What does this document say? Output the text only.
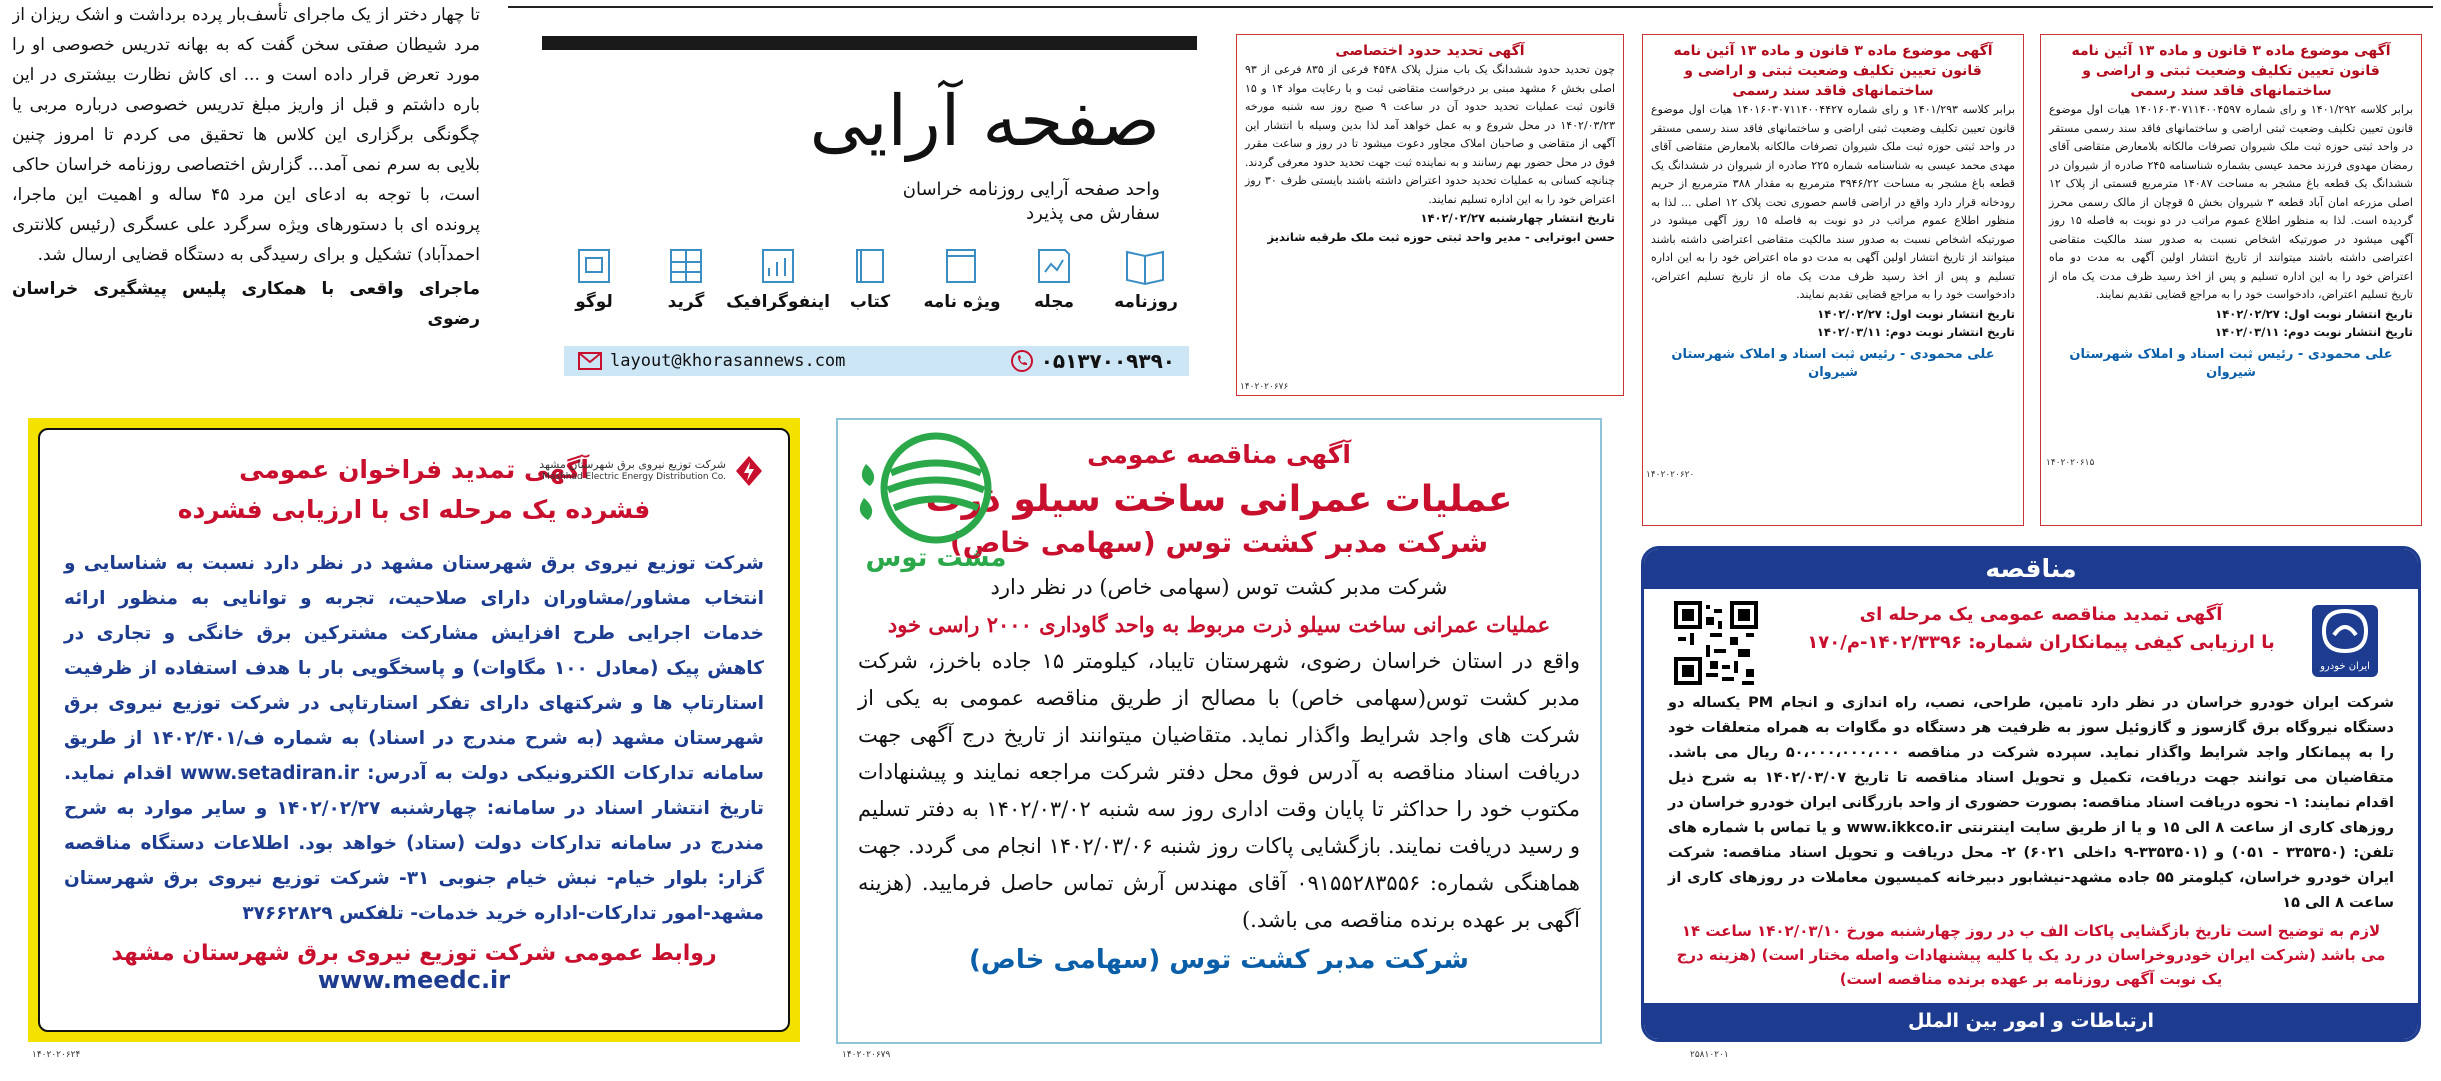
تا چهار دختر از یک ماجرای تأسف‌بار پرده برداشت و اشک ریزان از مرد شیطان صفتی سخن گفت که به بهانه تدریس خصوصی او را مورد تعرض قرار داده است و ... ای کاش نظارت بیشتری در این باره داشتم و قبل از واریز مبلغ تدریس خصوصی درباره مربی یا چگونگی برگزاری این کلاس ها تحقیق می کردم تا امروز چنین بلایی به سرم نمی آمد... گزارش اختصاصی روزنامه خراسان حاکی است، با توجه به ادعای این مرد ۴۵ ساله و اهمیت این ماجرا، پرونده ای با دستورهای ویژه سرگرد علی عسگری (رئیس کلانتری احمدآباد) تشکیل و برای رسیدگی به دستگاه قضایی ارسال شد.

ماجرای واقعی با همکاری پلیس پیشگیری خراسان رضوی

صفحه آرایی
واحد صفحه آرایی روزنامه خراسان
سفارش می پذیرد
روزنامه
مجله
ویژه نامه
کتاب
اینفوگرافیک
گرید
لوگو
layout@khorasannews.com	۰۵۱۳۷۰۰۹۳۹۰
آگهی تحدید حدود اختصاصی
چون تحدید حدود ششدانگ یک باب منزل پلاک ۴۵۴۸ فرعی از ۸۳۵ فرعی از ۹۳ اصلی بخش ۶ مشهد مبنی بر درخواست متقاضی ثبت و با رعایت مواد ۱۴ و ۱۵ قانون ثبت عملیات تحدید حدود آن در ساعت ۹ صبح روز سه شنبه مورخه ۱۴۰۲/۰۳/۲۳ در محل شروع و به عمل خواهد آمد لذا بدین وسیله با انتشار این آگهی از متقاضی و صاحبان املاک مجاور دعوت میشود تا در روز و ساعت مقرر فوق در محل حضور بهم رسانند و به نماینده ثبت جهت تحدید حدود معرفی گردند. چنانچه کسانی به عملیات تحدید حدود اعتراض داشته باشند بایستی ظرف ۳۰ روز اعتراض خود را به این اداره تسلیم نمایند.
تاریخ انتشار چهارشنبه ۱۴۰۲/۰۲/۲۷
حسن ابوترابی - مدیر واحد ثبتی حوزه ثبت ملک طرقبه شاندیز
آگهی موضوع ماده ۳ قانون و ماده ۱۳ آئین نامه قانون تعیین تکلیف وضعیت ثبتی و اراضی و ساختمانهای فاقد سند رسمی
برابر کلاسه ۱۴۰۱/۲۹۳ و رای شماره ۱۴۰۱۶۰۳۰۷۱۱۴۰۰۴۴۲۷ هیات اول موضوع قانون تعیین تکلیف وضعیت ثبتی اراضی و ساختمانهای فاقد سند رسمی مستقر در واحد ثبتی حوزه ثبت ملک شیروان تصرفات مالکانه بلامعارض متقاضی آقای مهدی محمد عیسی به شناسنامه شماره ۲۲۵ صادره از شیروان در ششدانگ یک قطعه باغ مشجر به مساحت ۳۹۴۶/۲۲ مترمربع به مقدار ۳۸۸ مترمربع از حریم رودخانه قرار دارد واقع در اراضی قاسم حصوری تحت پلاک ۱۲ اصلی ... لذا به منظور اطلاع عموم مراتب در دو نوبت به فاصله ۱۵ روز آگهی میشود در صورتیکه اشخاص نسبت به صدور سند مالکیت متقاضی اعتراضی داشته باشند میتوانند از تاریخ انتشار اولین آگهی به مدت دو ماه اعتراض خود را به این اداره تسلیم و پس از اخذ رسید ظرف مدت یک ماه از تاریخ تسلیم اعتراض، دادخواست خود را به مراجع قضایی تقدیم نمایند.
تاریخ انتشار نوبت اول: ۱۴۰۲/۰۲/۲۷
تاریخ انتشار نوبت دوم: ۱۴۰۲/۰۳/۱۱
علی محمودی - رئیس ثبت اسناد و املاک شهرستان شیروان
آگهی موضوع ماده ۳ قانون و ماده ۱۳ آئین نامه قانون تعیین تکلیف وضعیت ثبتی و اراضی و ساختمانهای فاقد سند رسمی
برابر کلاسه ۱۴۰۱/۲۹۲ و رای شماره ۱۴۰۱۶۰۳۰۷۱۱۴۰۰۴۵۹۷ هیات اول موضوع قانون تعیین تکلیف وضعیت ثبتی اراضی و ساختمانهای فاقد سند رسمی مستقر در واحد ثبتی حوزه ثبت ملک شیروان تصرفات مالکانه بلامعارض متقاضی آقای رمضان مهدوی فرزند محمد عیسی بشماره شناسنامه ۲۴۵ صادره از شیروان در ششدانگ یک قطعه باغ مشجر به مساحت ۱۴۰۸۷ مترمربع قسمتی از پلاک ۱۲ اصلی مزرعه امان آباد قطعه ۳ شیروان بخش ۵ قوچان از مالک رسمی محرز گردیده است. لذا به منظور اطلاع عموم مراتب در دو نوبت به فاصله ۱۵ روز آگهی میشود در صورتیکه اشخاص نسبت به صدور سند مالکیت متقاضی اعتراضی داشته باشند میتوانند از تاریخ انتشار اولین آگهی به مدت دو ماه اعتراض خود را به این اداره تسلیم و پس از اخذ رسید ظرف مدت یک ماه از تاریخ تسلیم اعتراض، دادخواست خود را به مراجع قضایی تقدیم نمایند.
تاریخ انتشار نوبت اول: ۱۴۰۲/۰۲/۲۷
تاریخ انتشار نوبت دوم: ۱۴۰۲/۰۳/۱۱
علی محمودی - رئیس ثبت اسناد و املاک شهرستان شیروان
شرکت توزیع نیروی برق شهرستان مشهد
Mashhad Electric Energy Distribution Co.
آگهی تمدید فراخوان عمومی
فشرده یک مرحله ای با ارزیابی فشرده
شرکت توزیع نیروی برق شهرستان مشهد در نظر دارد نسبت به شناسایی و انتخاب مشاور/مشاوران دارای صلاحیت، تجربه و توانایی به منظور ارائه خدمات اجرایی طرح افزایش مشارکت مشترکین برق خانگی و تجاری در کاهش پیک (معادل ۱۰۰ مگاوات) و پاسخگویی بار با هدف استفاده از ظرفیت استارتاپ ها و شرکتهای دارای تفکر استارتاپی در شرکت توزیع نیروی برق شهرستان مشهد (به شرح مندرج در اسناد) به شماره ف/۱۴۰۲/۴۰۱ از طریق سامانه تدارکات الکترونیکی دولت به آدرس: www.setadiran.ir اقدام نماید. تاریخ انتشار اسناد در سامانه: چهارشنبه ۱۴۰۲/۰۲/۲۷ و سایر موارد به شرح مندرج در سامانه تدارکات دولت (ستاد) خواهد بود. اطلاعات دستگاه مناقصه گزار: بلوار خیام- نبش خیام جنوبی ۳۱- شرکت توزیع نیروی برق شهرستان مشهد-امور تدارکات-اداره خرید خدمات- تلفکس ۳۷۶۶۲۸۲۹
روابط عمومی شرکت توزیع نیروی برق شهرستان مشهد
www.meedc.ir
مشت توس
آگهی مناقصه عمومی
عملیات عمرانی ساخت سیلو ذرت
شرکت مدبر کشت توس (سهامی خاص)
شرکت مدبر کشت توس (سهامی خاص) در نظر دارد
عملیات عمرانی ساخت سیلو ذرت مربوط به واحد گاوداری ۲۰۰۰ راسی خود
واقع در استان خراسان رضوی، شهرستان تایباد، کیلومتر ۱۵ جاده باخرز، شرکت مدبر کشت توس(سهامی خاص) با مصالح از طریق مناقصه عمومی به یکی از شرکت های واجد شرایط واگذار نماید. متقاضیان میتوانند از تاریخ درج آگهی جهت دریافت اسناد مناقصه به آدرس فوق محل دفتر شرکت مراجعه نمایند و پیشنهادات مکتوب خود را حداکثر تا پایان وقت اداری روز سه شنبه ۱۴۰۲/۰۳/۰۲ به دفتر تسلیم و رسید دریافت نمایند. بازگشایی پاکات روز شنبه ۱۴۰۲/۰۳/۰۶ انجام می گردد. جهت هماهنگی شماره: ۰۹۱۵۵۲۸۳۵۵۶ آقای مهندس آرش تماس حاصل فرمایید. (هزینه آگهی بر عهده برنده مناقصه می باشد.)
شرکت مدبر کشت توس (سهامی خاص)
مناقصه
ایران خودرو
آگهی تمدید مناقصه عمومی یک مرحله ای
با ارزیابی کیفی پیمانکاران شماره: ۱۴۰۲/۳۳۹۶-م/۱۷۰
شرکت ایران خودرو خراسان در نظر دارد تامین، طراحی، نصب، راه اندازی و انجام PM یکساله دو دستگاه نیروگاه برق گازسوز و گازوئیل سوز به ظرفیت هر دستگاه دو مگاوات به همراه متعلقات خود را به پیمانکار واجد شرایط واگذار نماید. سپرده شرکت در مناقصه ۵۰،۰۰۰،۰۰۰،۰۰۰ ریال می باشد. متقاضیان می توانند جهت دریافت، تکمیل و تحویل اسناد مناقصه تا تاریخ ۱۴۰۲/۰۳/۰۷ به شرح ذیل اقدام نمایند: ۱- نحوه دریافت اسناد مناقصه: بصورت حضوری از واحد بازرگانی ایران خودرو خراسان در روزهای کاری از ساعت ۸ الی ۱۵ و یا از طریق سایت اینترنتی www.ikkco.ir و یا تماس با شماره های تلفن: (۳۳۵۳۵۰ - ۰۵۱) و (۳۳۵۳۵۰۱-۹ داخلی ۶۰۲۱) ۲- محل دریافت و تحویل اسناد مناقصه: شرکت ایران خودرو خراسان، کیلومتر ۵۵ جاده مشهد-نیشابور دبیرخانه کمیسیون معاملات در روزهای کاری از ساعت ۸ الی ۱۵
لازم به توضیح است تاریخ بازگشایی پاکات الف ب در روز چهارشنبه مورخ ۱۴۰۲/۰۳/۱۰ ساعت ۱۴ می باشد (شرکت ایران خودروخراسان در رد یک یا کلیه پیشنهادات واصله مختار است) (هزینه درج یک نوبت آگهی روزنامه بر عهده برنده مناقصه است)
ارتباطات و امور بین الملل
۱۴۰۲۰۲۰۶۲۴	۱۴۰۲۰۲۰۶۷۹
۱۴۰۲۰۲۰۶۷۶
۱۴۰۲۰۲۰۶۲۰
۱۴۰۲۰۲۰۶۱۵
۲۵۸۱۰۲۰۱
